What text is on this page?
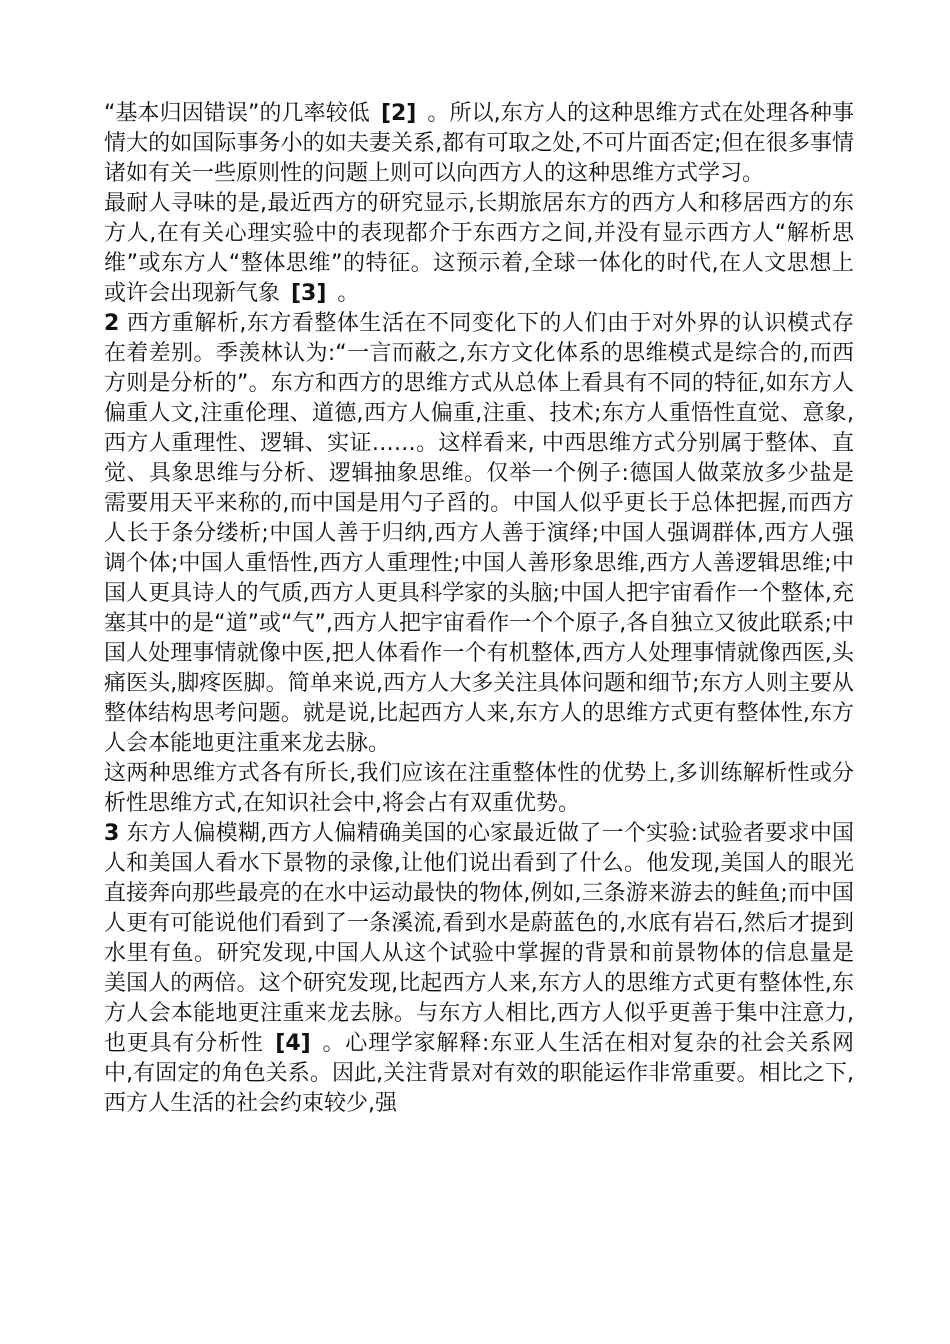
“基本归因错误”的几率较低 [2] 。所以,东方人的这种思维方式在处理各种事情大的如国际事务小的如夫妻关系,都有可取之处,不可片面否定;但在很多事情诸如有关一些原则性的问题上则可以向西方人的这种思维方式学习。

最耐人寻味的是,最近西方的研究显示,长期旅居东方的西方人和移居西方的东方人,在有关心理实验中的表现都介于东西方之间,并没有显示西方人“解析思维”或东方人“整体思维”的特征。这预示着,全球一体化的时代,在人文思想上或许会出现新气象 [3] 。

2 西方重解析,东方看整体生活在不同变化下的人们由于对外界的认识模式存在着差别。季羡林认为:“一言而蔽之,东方文化体系的思维模式是综合的,而西方则是分析的”。东方和西方的思维方式从总体上看具有不同的特征,如东方人偏重人文,注重伦理、道德,西方人偏重,注重、技术;东方人重悟性直觉、意象, 西方人重理性、逻辑、实证……。这样看来, 中西思维方式分别属于整体、直觉、具象思维与分析、逻辑抽象思维。仅举一个例子:德国人做菜放多少盐是需要用天平来称的,而中国是用勺子舀的。中国人似乎更长于总体把握,而西方人长于条分缕析;中国人善于归纳,西方人善于演绎;中国人强调群体,西方人强调个体;中国人重悟性,西方人重理性;中国人善形象思维,西方人善逻辑思维;中国人更具诗人的气质,西方人更具科学家的头脑;中国人把宇宙看作一个整体,充塞其中的是“道”或“气”,西方人把宇宙看作一个个原子,各自独立又彼此联系;中国人处理事情就像中医,把人体看作一个有机整体,西方人处理事情就像西医,头痛医头,脚疼医脚。简单来说,西方人大多关注具体问题和细节;东方人则主要从整体结构思考问题。就是说,比起西方人来,东方人的思维方式更有整体性,东方人会本能地更注重来龙去脉。

这两种思维方式各有所长,我们应该在注重整体性的优势上,多训练解析性或分析性思维方式,在知识社会中,将会占有双重优势。

3 东方人偏模糊,西方人偏精确美国的心家最近做了一个实验:试验者要求中国人和美国人看水下景物的录像,让他们说出看到了什么。他发现,美国人的眼光直接奔向那些最亮的在水中运动最快的物体,例如,三条游来游去的鲑鱼;而中国人更有可能说他们看到了一条溪流,看到水是蔚蓝色的,水底有岩石,然后才提到水里有鱼。研究发现,中国人从这个试验中掌握的背景和前景物体的信息量是美国人的两倍。这个研究发现,比起西方人来,东方人的思维方式更有整体性,东方人会本能地更注重来龙去脉。与东方人相比,西方人似乎更善于集中注意力,也更具有分析性 [4] 。心理学家解释:东亚人生活在相对复杂的社会关系网中,有固定的角色关系。因此,关注背景对有效的职能运作非常重要。相比之下,西方人生活的社会约束较少,强
